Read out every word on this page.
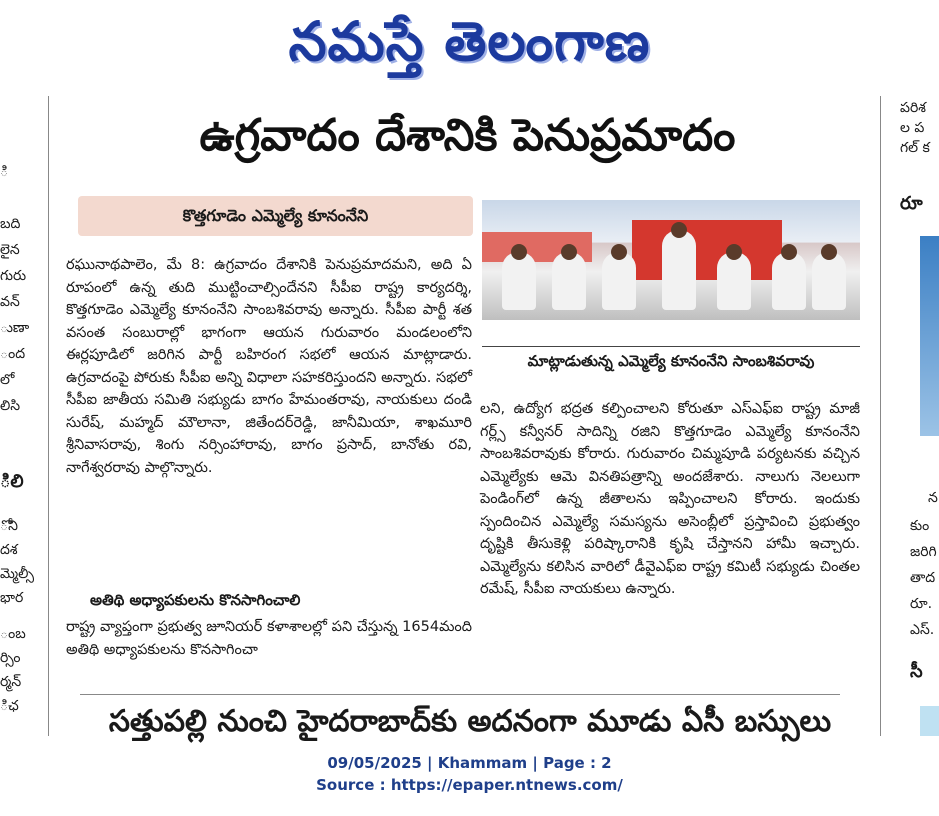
నమస్తే తెలంగాణ
ి
బది
లైన
గురు
వన్
ుణా
ంద
లో
లిసి
ిలి
ోని
దశ
మ్మెల్సీ
భార
ంబ
ర్సిం
ర్మన్
ిఛ
ఉగ్రవాదం దేశానికి పెనుప్రమాదం
కొత్తగూడెం ఎమ్మెల్యే కూనంనేని
రఘునాథపాలెం, మే 8: ఉగ్రవాదం దేశానికి పెనుప్రమాదమని, అది ఏ రూపంలో ఉన్న తుది ముట్టించాల్సిందేనని సీపీఐ రాష్ట్ర కార్యదర్శి, కొత్తగూడెం ఎమ్మెల్యే కూనంనేని సాంబశివరావు అన్నారు. సీపీఐ పార్టీ శత వసంత సంబురాల్లో భాగంగా ఆయన గురువారం మండలంలోని ఈర్లపూడిలో జరిగిన పార్టీ బహిరంగ సభలో ఆయన మాట్లాడారు. ఉగ్రవాదంపై పోరుకు సీపీఐ అన్ని విధాలా సహకరిస్తుందని అన్నారు. సభలో సీపీఐ జాతీయ సమితి సభ్యుడు బాగం హేమంతరావు, నాయకులు దండి సురేష్, మహ్మద్ మౌలానా, జితేందర్‌రెడ్డి, జానీమియా, శాఖమూరి శ్రీనివాసరావు, శింగు నర్సింహారావు, బాగం ప్రసాద్, బానోతు రవి, నాగేశ్వరరావు పాల్గొన్నారు.
అతిథి అధ్యాపకులను కొనసాగించాలి
రాష్ట్ర వ్యాప్తంగా ప్రభుత్వ జూనియర్ కళాశాలల్లో పని చేస్తున్న 1654మంది అతిథి అధ్యాపకులను కొనసాగించా
మాట్లాడుతున్న ఎమ్మెల్యే కూనంనేని సాంబశివరావు
లని, ఉద్యోగ భద్రత కల్పించాలని కోరుతూ ఎస్‌ఎఫ్‌ఐ రాష్ట్ర మాజీ గర్ల్స్ కన్వీనర్ సాదిన్ని రజిని కొత్తగూడెం ఎమ్మెల్యే కూనంనేని సాంబశివరావుకు కోరారు. గురువారం చిమ్మపూడి పర్యటనకు వచ్చిన ఎమ్మెల్యేకు ఆమె వినతిపత్రాన్ని అందజేశారు. నాలుగు నెలలుగా పెండింగ్‌లో ఉన్న జీతాలను ఇప్పించాలని కోరారు. ఇందుకు స్పందించిన ఎమ్మెల్యే సమస్యను అసెంబ్లీలో ప్రస్తావించి ప్రభుత్వం దృష్టికి తీసుకెళ్లి పరిష్కారానికి కృషి చేస్తానని హామీ ఇచ్చారు. ఎమ్మెల్యేను కలిసిన వారిలో డీవైఎఫ్‌ఐ రాష్ట్ర కమిటీ సభ్యుడు చింతల రమేష్, సీపీఐ నాయకులు ఉన్నారు.
పరిశ
ల ప
గల్ క
రూ
న
కుం
జరిగి
తాద
రూ.
ఎస్.
సీ
సత్తుపల్లి నుంచి హైదరాబాద్‌కు అదనంగా మూడు ఏసీ బస్సులు
09/05/2025 | Khammam | Page : 2
Source : https://epaper.ntnews.com/
